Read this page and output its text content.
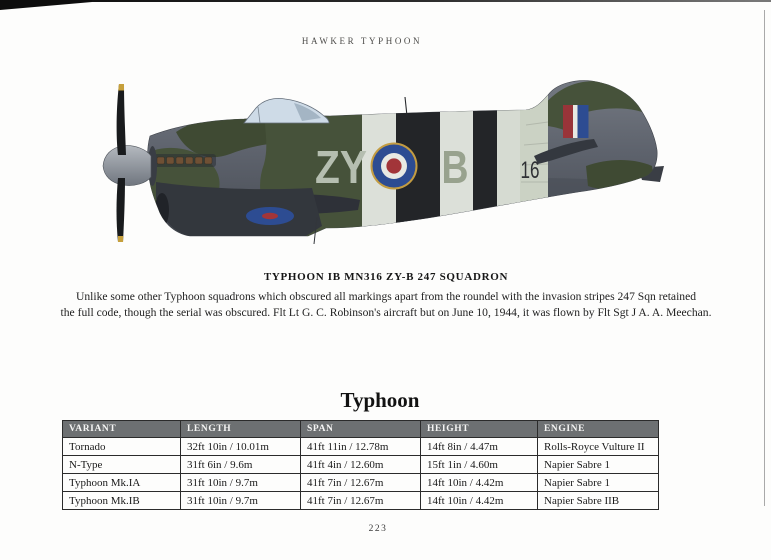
HAWKER TYPHOON
ZY B 16
TYPHOON IB MN316 ZY-B 247 SQUADRON
Unlike some other Typhoon squadrons which obscured all markings apart from the roundel with the invasion stripes 247 Sqn retained
the full code, though the serial was obscured. Flt Lt G. C. Robinson's aircraft but on June 10, 1944, it was flown by Flt Sgt J A. A. Meechan.
Typhoon
VARIANT	LENGTH	SPAN	HEIGHT	ENGINE
Tornado	32ft 10in / 10.01m	41ft 11in / 12.78m	14ft 8in / 4.47m	Rolls-Royce Vulture II
N-Type	31ft 6in / 9.6m	41ft 4in / 12.60m	15ft 1in / 4.60m	Napier Sabre 1
Typhoon Mk.IA	31ft 10in / 9.7m	41ft 7in / 12.67m	14ft 10in / 4.42m	Napier Sabre 1
Typhoon Mk.IB	31ft 10in / 9.7m	41ft 7in / 12.67m	14ft 10in / 4.42m	Napier Sabre IIB
223
